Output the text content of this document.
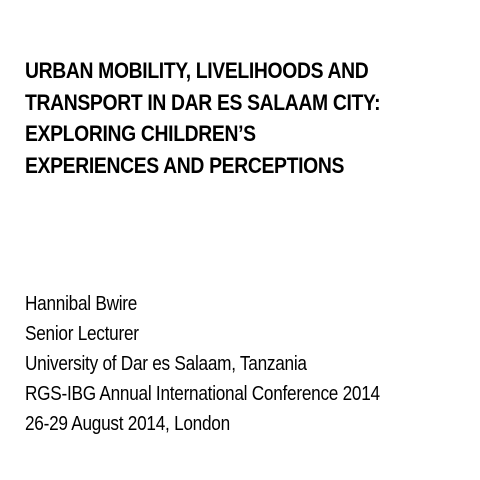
URBAN MOBILITY, LIVELIHOODS AND
TRANSPORT IN DAR ES SALAAM CITY:
EXPLORING CHILDREN’S
EXPERIENCES AND PERCEPTIONS
Hannibal Bwire
Senior Lecturer
University of Dar es Salaam, Tanzania
RGS-IBG Annual International Conference 2014
26-29 August 2014, London
